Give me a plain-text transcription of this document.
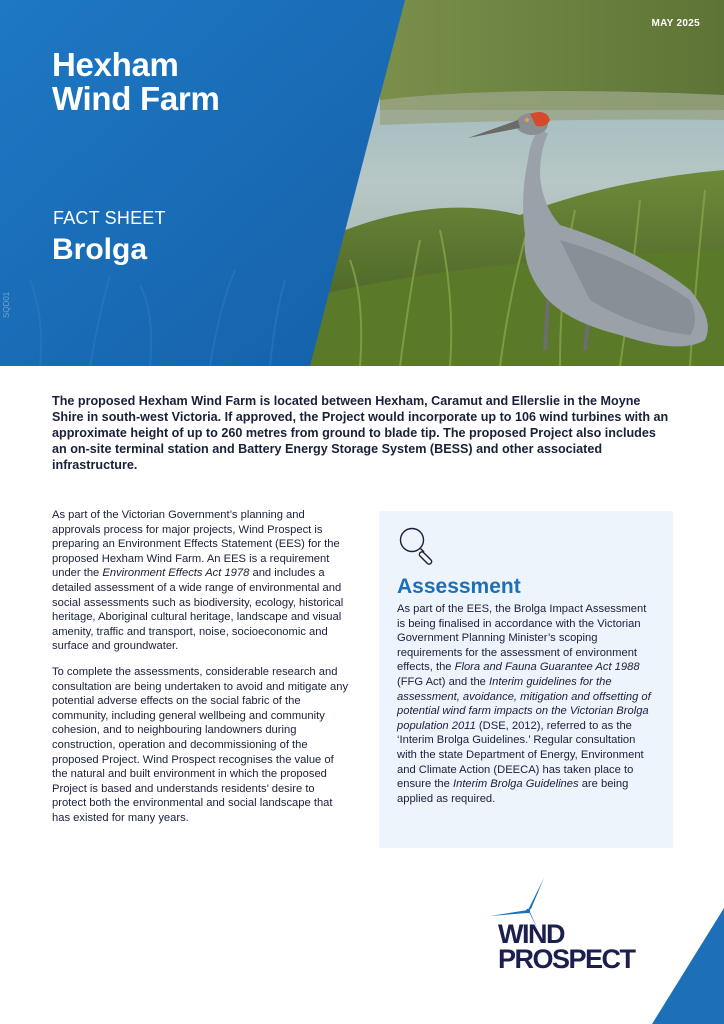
MAY 2025
Hexham
Wind Farm
FACT SHEET
Brolga
SQD01

The proposed Hexham Wind Farm is located between Hexham, Caramut and Ellerslie in the Moyne Shire in south-west Victoria. If approved, the Project would incorporate up to 106 wind turbines with an approximate height of up to 260 metres from ground to blade tip. The proposed Project also includes an on-site terminal station and Battery Energy Storage System (BESS) and other associated infrastructure.

As part of the Victorian Government’s planning and approvals process for major projects, Wind Prospect is preparing an Environment Effects Statement (EES) for the proposed Hexham Wind Farm. An EES is a requirement under the Environment Effects Act 1978 and includes a detailed assessment of a wide range of environmental and social assessments such as biodiversity, ecology, historical heritage, Aboriginal cultural heritage, landscape and visual amenity, traffic and transport, noise, socioeconomic and surface and groundwater.

To complete the assessments, considerable research and consultation are being undertaken to avoid and mitigate any potential adverse effects on the social fabric of the community, including general wellbeing and community cohesion, and to neighbouring landowners during construction, operation and decommissioning of the proposed Project. Wind Prospect recognises the value of the natural and built environment in which the proposed Project is based and understands residents’ desire to protect both the environmental and social landscape that has existed for many years.

Assessment

As part of the EES, the Brolga Impact Assessment is being finalised in accordance with the Victorian Government Planning Minister’s scoping requirements for the assessment of environment effects, the Flora and Fauna Guarantee Act 1988 (FFG Act) and the Interim guidelines for the assessment, avoidance, mitigation and offsetting of potential wind farm impacts on the Victorian Brolga population 2011 (DSE, 2012), referred to as the ‘Interim Brolga Guidelines.’ Regular consultation with the state Department of Energy, Environment and Climate Action (DEECA) has taken place to ensure the Interim Brolga Guidelines are being applied as required.

WIND
PROSPECT
